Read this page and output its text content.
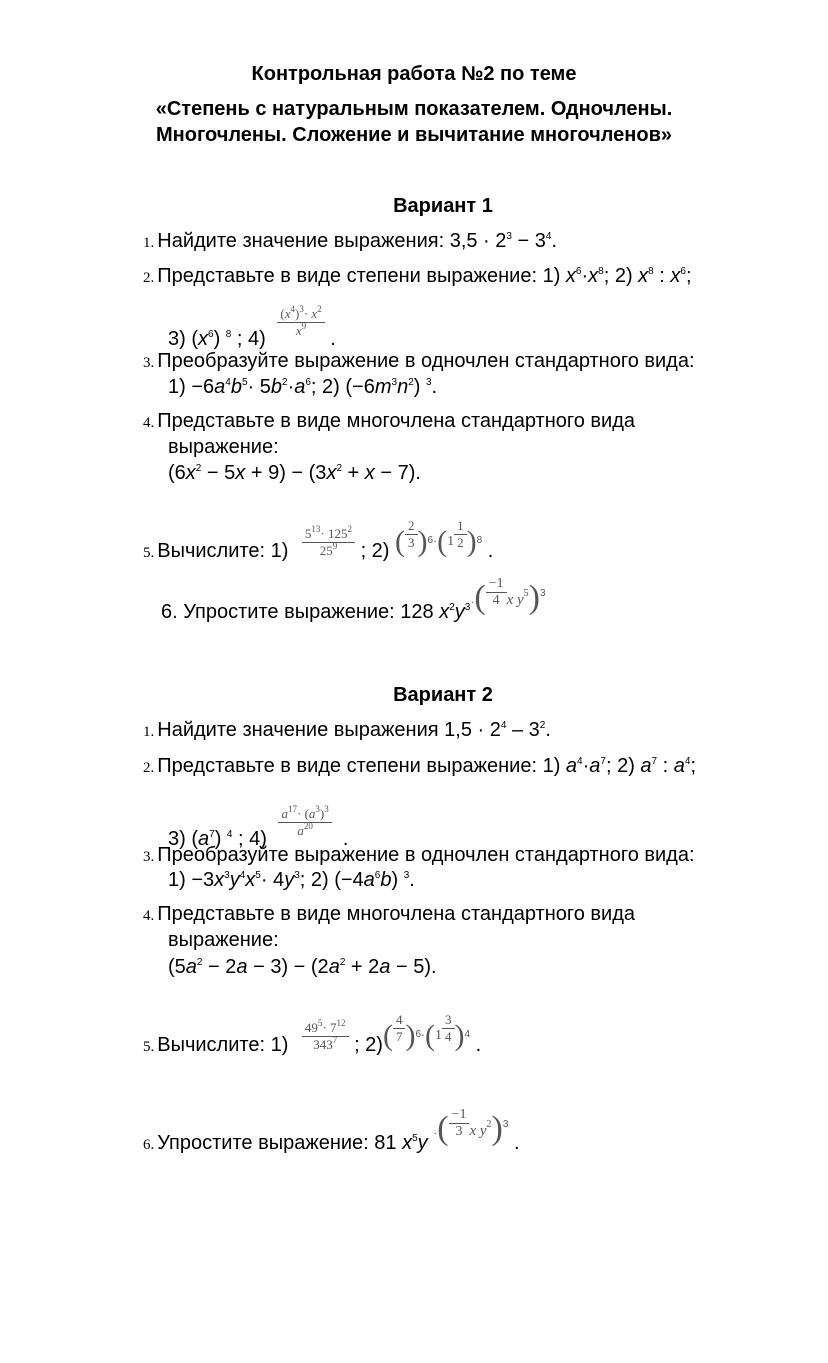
Контрольная работа №2 по теме
«Степень с натуральным показателем. Одночлены.
Многочлены. Сложение и вычитание многочленов»
Вариант 1
1. Найдите значение выражения: $3,5 \cdot 2^3 - 3^4$.
2. Представьте в виде степени выражение: 1) $x^6\cdot x^8$; 2) $x^8$ : $x^6$;
3) $(x^6)$ $^8$ ; $4) \frac{(x^4)^3\cdot x^2}{x^9}$ .
3. Преобразуйте выражение в одночлен стандартного вида:
$1) -6a^4b^5\cdot 5b^2\cdot a^6$; 2) $(-6m^3n^2)$ $^3$.
4. Представьте в виде многочлена стандартного вида
выражение:
$(6x^2 - 5x + 9) - (3x^2 + x - 7)$.
5. Вычислите: $1) \frac{5^{13}\cdot 125^2}{25^9}$ ; 2) ( $\frac{2}{3} )^{6\cdot}(^1 \frac{1}{2} )^8$ .
6. Упростите выражение: 128 $x^2y^{3\cdot}( \frac{-1}{4} ^{x y^5})^3$
Вариант 2
1. Найдите значение выражения $1,5 \cdot 2^4 - 3^2$.
2. Представьте в виде степени выражение: 1) $a^4\cdot a^7$; 2) $a^7$ : $a^4$;
3) $(a^7)$ $^4$ ; $4) \frac{a^{17}\cdot (a^3)^3}{a^{20}}$ .
3. Преобразуйте выражение в одночлен стандартного вида:
$1) -3x^3y^4x^5\cdot 4y^3$; 2) $(-4a^6b)$ $^3$.
4. Представьте в виде многочлена стандартного вида
выражение:
$(5a^2 - 2a - 3) - (2a^2 + 2a - 5)$.
5. Вычислите: $1) \frac{49^5\cdot 7^{12}}{343^7}$ ; $2)( \frac{4}{7} )^{6\cdot}(^1 \frac{3}{4} )^4$ .
6. Упростите выражение: 81 $x^5y$ $^\cdot( \frac{-1}{3} ^{x y^2})^3$ .
